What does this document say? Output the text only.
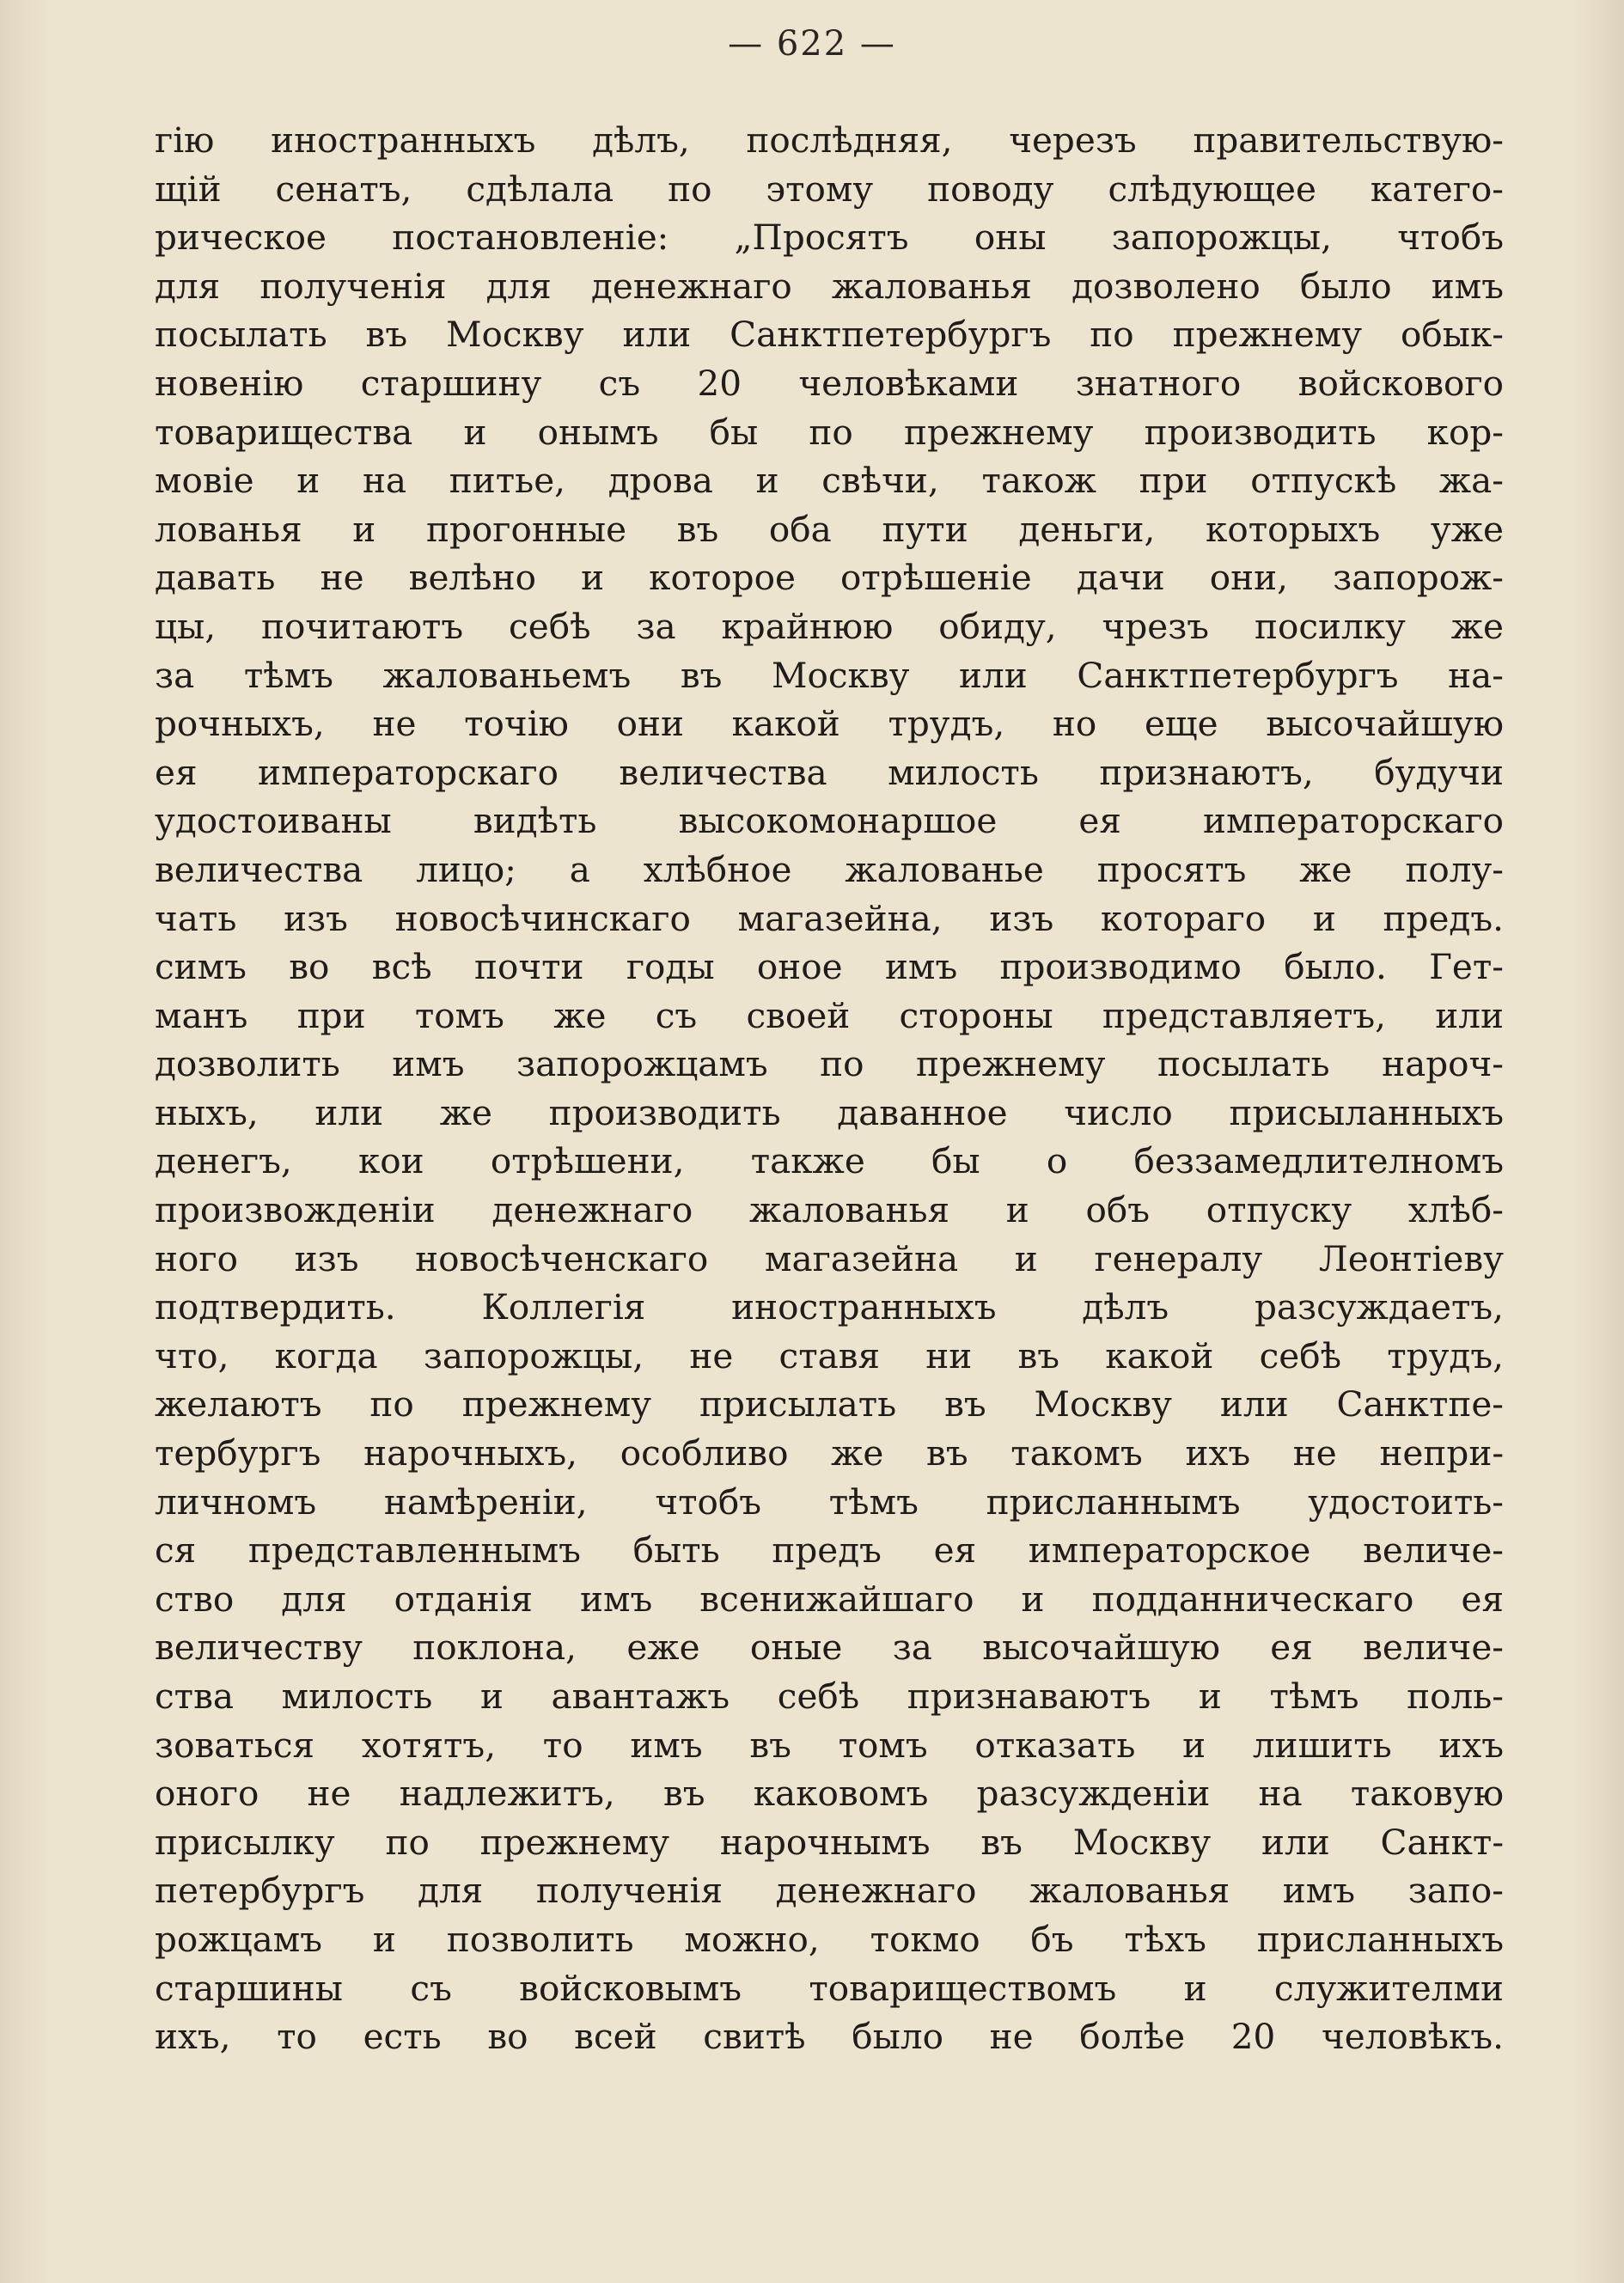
— 622 —
гію иностранныхъ дѣлъ, послѣдняя, черезъ правительствую-
щій сенатъ, сдѣлала по этому поводу слѣдующее катего-
рическое постановленіе: „Просятъ оны запорожцы, чтобъ
для полученія для денежнаго жалованья дозволено было имъ
посылать въ Москву или Санктпетербургъ по прежнему обык-
новенію старшину съ 20 человѣками знатного войскового
товарищества и онымъ бы по прежнему производить кор-
мовіе и на питье, дрова и свѣчи, також при отпускѣ жа-
лованья и прогонные въ оба пути деньги, которыхъ уже
давать не велѣно и которое отрѣшеніе дачи они, запорож-
цы, почитаютъ себѣ за крайнюю обиду, чрезъ посилку же
за тѣмъ жалованьемъ въ Москву или Санктпетербургъ на-
рочныхъ, не точію они какой трудъ, но еще высочайшую
ея императорскаго величества милость признаютъ, будучи
удостоиваны видѣть высокомонаршое ея императорскаго
величества лицо; а хлѣбное жалованье просятъ же полу-
чать изъ новосѣчинскаго магазейна, изъ котораго и предъ.
симъ во всѣ почти годы оное имъ производимо было. Гет-
манъ при томъ же съ своей стороны представляетъ, или
дозволить имъ запорожцамъ по прежнему посылать нароч-
ныхъ, или же производить даванное число присыланныхъ
денегъ, кои отрѣшени, также бы о беззамедлителномъ
произвожденіи денежнаго жалованья и объ отпуску хлѣб-
ного изъ новосѣченскаго магазейна и генералу Леонтіеву
подтвердить. Коллегія иностранныхъ дѣлъ разсуждаетъ,
что, когда запорожцы, не ставя ни въ какой себѣ трудъ,
желаютъ по прежнему присылать въ Москву или Санктпе-
тербургъ нарочныхъ, особливо же въ такомъ ихъ не непри-
личномъ намѣреніи, чтобъ тѣмъ присланнымъ удостоить-
ся представленнымъ быть предъ ея императорское величе-
ство для отданія имъ всенижайшаго и подданническаго ея
величеству поклона, еже оные за высочайшую ея величе-
ства милость и авантажъ себѣ признаваютъ и тѣмъ поль-
зоваться хотятъ, то имъ въ томъ отказать и лишить ихъ
оного не надлежитъ, въ каковомъ разсужденіи на таковую
присылку по прежнему нарочнымъ въ Москву или Санкт-
петербургъ для полученія денежнаго жалованья имъ запо-
рожцамъ и позволить можно, токмо бъ тѣхъ присланныхъ
старшины съ войсковымъ товариществомъ и служителми
ихъ, то есть во всей свитѣ было не болѣе 20 человѣкъ.
